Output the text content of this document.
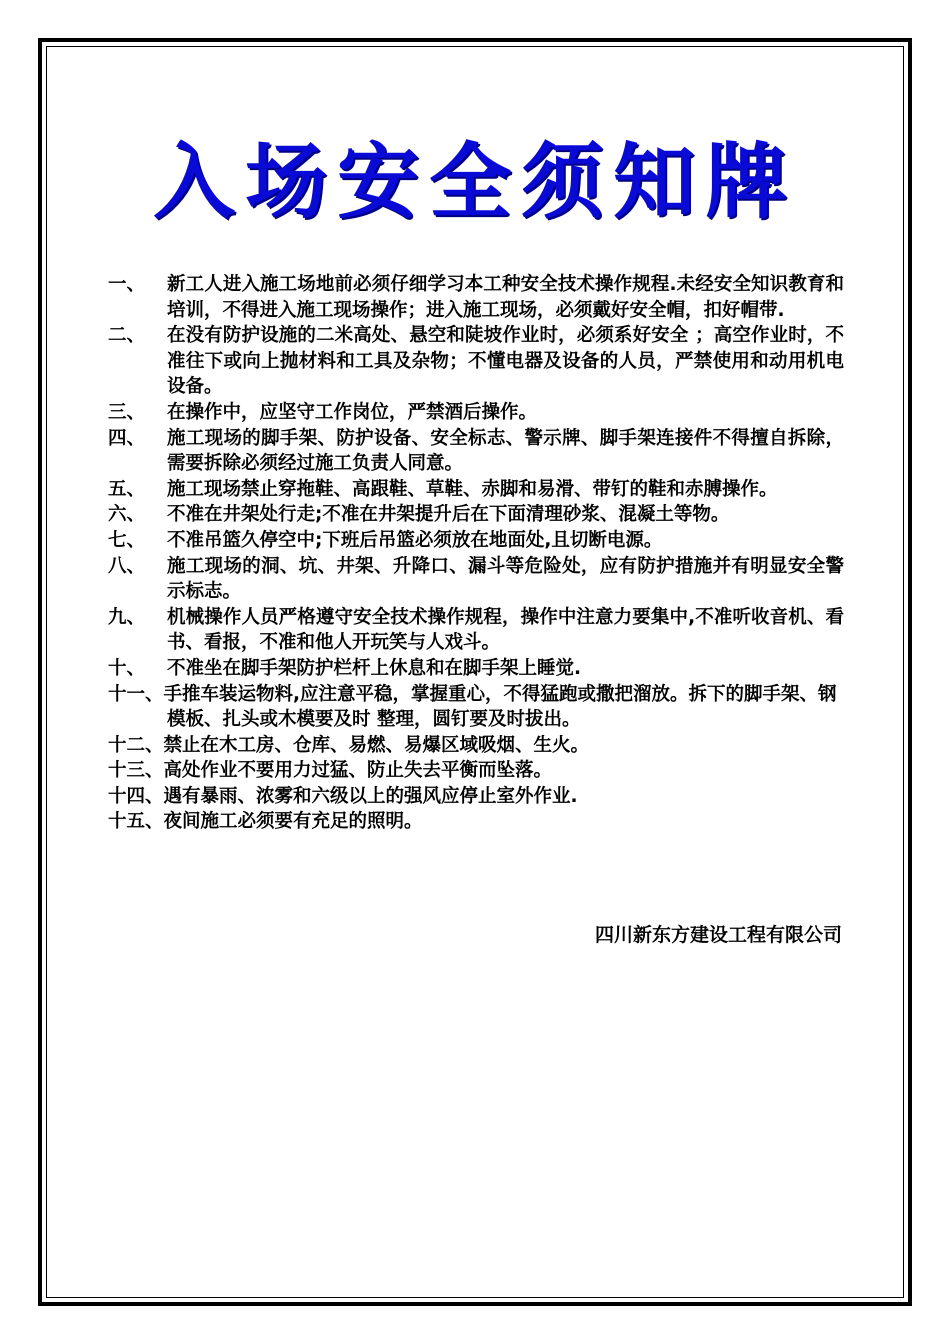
入场安全须知牌
一、	新工人进入施工场地前必须仔细学习本工种安全技术操作规程.未经安全知识教育和培训，不得进入施工现场操作；进入施工现场，必须戴好安全帽，扣好帽带.
二、	在没有防护设施的二米高处、悬空和陡坡作业时，必须系好安全 ；高空作业时，不准往下或向上抛材料和工具及杂物；不懂电器及设备的人员，严禁使用和动用机电设备。
三、	在操作中，应坚守工作岗位，严禁酒后操作。
四、	施工现场的脚手架、防护设备、安全标志、警示牌、脚手架连接件不得擅自拆除，需要拆除必须经过施工负责人同意。
五、	施工现场禁止穿拖鞋、高跟鞋、草鞋、赤脚和易滑、带钉的鞋和赤膊操作。
六、	不准在井架处行走;不准在井架提升后在下面清理砂浆、混凝土等物。
七、	不准吊篮久停空中;下班后吊篮必须放在地面处,且切断电源。
八、	施工现场的洞、坑、井架、升降口、漏斗等危险处，应有防护措施并有明显安全警示标志。
九、	机械操作人员严格遵守安全技术操作规程，操作中注意力要集中,不准听收音机、看书、看报，不准和他人开玩笑与人戏斗。
十、	不准坐在脚手架防护栏杆上休息和在脚手架上睡觉.
十一、手推车装运物料,应注意平稳，掌握重心，不得猛跑或撒把溜放。拆下的脚手架、钢模板、扎头或木模要及时 整理，圆钉要及时拔出。
十二、禁止在木工房、仓库、易燃、易爆区域吸烟、生火。
十三、高处作业不要用力过猛、防止失去平衡而坠落。
十四、遇有暴雨、浓雾和六级以上的强风应停止室外作业.
十五、夜间施工必须要有充足的照明。
四川新东方建设工程有限公司
